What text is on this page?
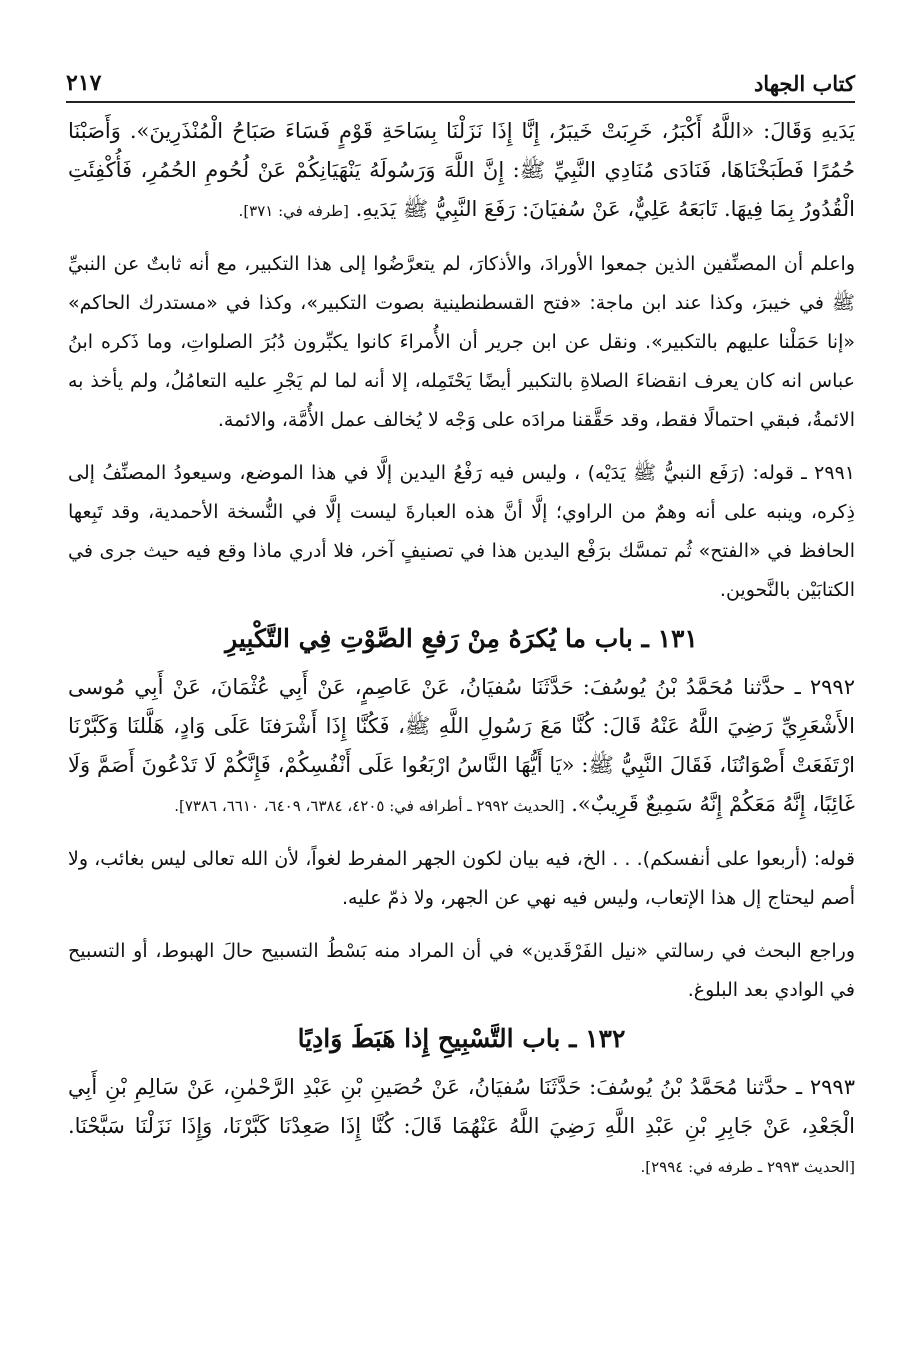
كتاب الجهاد
٢١٧

يَدَيهِ وَقَالَ: «اللَّهُ أَكْبَرُ، خَرِبَتْ خَيبَرُ، إِنَّا إِذَا نَزَلْنَا بِسَاحَةِ قَوْمٍ فَسَاءَ صَبَاحُ الْمُنْذَرِينَ». وَأَصَبْنَا حُمُرًا فَطَبَخْنَاهَا، فَنَادَى مُنَادِي النَّبِيِّ ﷺ: إِنَّ اللَّهَ وَرَسُولَهُ يَنْهَيَانِكُمْ عَنْ لُحُومِ الحُمُرِ، فَأُكْفِئَتِ الْقُدُورُ بِمَا فِيهَا. تَابَعَهُ عَلِيٌّ، عَنْ سُفيَانَ: رَفَعَ النَّبِيُّ ﷺ يَدَيهِ. [طرفه في: ٣٧١].

واعلم أن المصنِّفين الذين جمعوا الأورادَ، والأذكارَ، لم يتعرَّضُوا إلى هذا التكبير، مع أنه ثابتٌ عن النبيِّ ﷺ في خيبرَ، وكذا عند ابن ماجة: «فتح القسطنطينية بصوت التكبير»، وكذا في «مستدرك الحاكم» «إنا حَمَلْنا عليهم بالتكبير». ونقل عن ابن جرير أن الأُمراءَ كانوا يكبِّرون دُبُرَ الصلواتِ، وما ذَكره ابنُ عباس انه كان يعرف انقضاءَ الصلاةِ بالتكبير أيضًا يَحْتَمِله، إلا أنه لما لم يَجْرِ عليه التعامُلُ، ولم يأخذ به الائمةُ، فبقي احتمالًا فقط، وقد حَقَّقنا مرادَه على وَجْه لا يُخالف عمل الأُمَّة، والائمة.

٢٩٩١ ـ قوله: (رَفَع النبيُّ ﷺ يَدَيْه) ، وليس فيه رَفْعُ اليدين إلَّا في هذا الموضع، وسيعودُ المصنِّفُ إلى ذِكره، وينبه على أنه وهمٌ من الراوي؛ إلَّا أنَّ هذه العبارةَ ليست إلَّا في النُّسخة الأحمدية، وقد تَبِعها الحافظ في «الفتح» ثُم تمسَّك برَفْع اليدين هذا في تصنيفٍ آخر، فلا أدري ماذا وقع فيه حيث جرى في الكتابَيْن بالنَّحوين.

١٣١ ـ باب ما يُكرَهُ مِنْ رَفعِ الصَّوْتِ فِي التَّكْبِيرِ

٢٩٩٢ ـ حدَّثنا مُحَمَّدُ بْنُ يُوسُفَ: حَدَّثَنَا سُفيَانُ، عَنْ عَاصِمٍ، عَنْ أَبِي عُثْمَانَ، عَنْ أَبِي مُوسى الأَشْعَرِيِّ رَضِيَ اللَّهُ عَنْهُ قَالَ: كُنَّا مَعَ رَسُولِ اللَّهِ ﷺ، فَكُنَّا إِذَا أَشْرَفنَا عَلَى وَادٍ، هَلَّلنَا وَكَبَّرْنَا ارْتَفَعَتْ أَصْوَاتُنَا، فَقَالَ النَّبِيُّ ﷺ: «يَا أَيُّهَا النَّاسُ ارْبَعُوا عَلَى أَنْفُسِكُمْ، فَإِنَّكُمْ لَا تَدْعُونَ أَصَمَّ وَلَا غَائِبًا، إِنَّهُ مَعَكُمْ إِنَّهُ سَمِيعٌ قَرِيبٌ». [الحديث ٢٩٩٢ ـ أطرافه في: ٤٢٠٥، ٦٣٨٤، ٦٤٠٩، ٦٦١٠، ٧٣٨٦].

قوله: (أربعوا على أنفسكم). . . الخ، فيه بيان لكون الجهر المفرط لغواً، لأن الله تعالى ليس بغائب، ولا أصم ليحتاج إل هذا الإتعاب، وليس فيه نهي عن الجهر، ولا ذمّ عليه.

وراجع البحث في رسالتي «نيل الفَرْقَدين» في أن المراد منه بَسْطُ التسبيح حالَ الهبوط، أو التسبيح في الوادي بعد البلوغ.

١٣٢ ـ باب التَّسْبِيحِ إِذا هَبَطَ وَادِيًا

٢٩٩٣ ـ حدَّثنا مُحَمَّدُ بْنُ يُوسُفَ: حَدَّثَنَا سُفيَانُ، عَنْ حُصَينِ بْنِ عَبْدِ الرَّحْمٰنِ، عَنْ سَالِمِ بْنِ أَبِي الْجَعْدِ، عَنْ جَابِرِ بْنِ عَبْدِ اللَّهِ رَضِيَ اللَّهُ عَنْهُمَا قَالَ: كُنَّا إِذَا صَعِدْنَا كَبَّرْنَا، وَإِذَا نَزَلْنَا سَبَّحْنَا. [الحديث ٢٩٩٣ ـ طرفه في: ٢٩٩٤].
